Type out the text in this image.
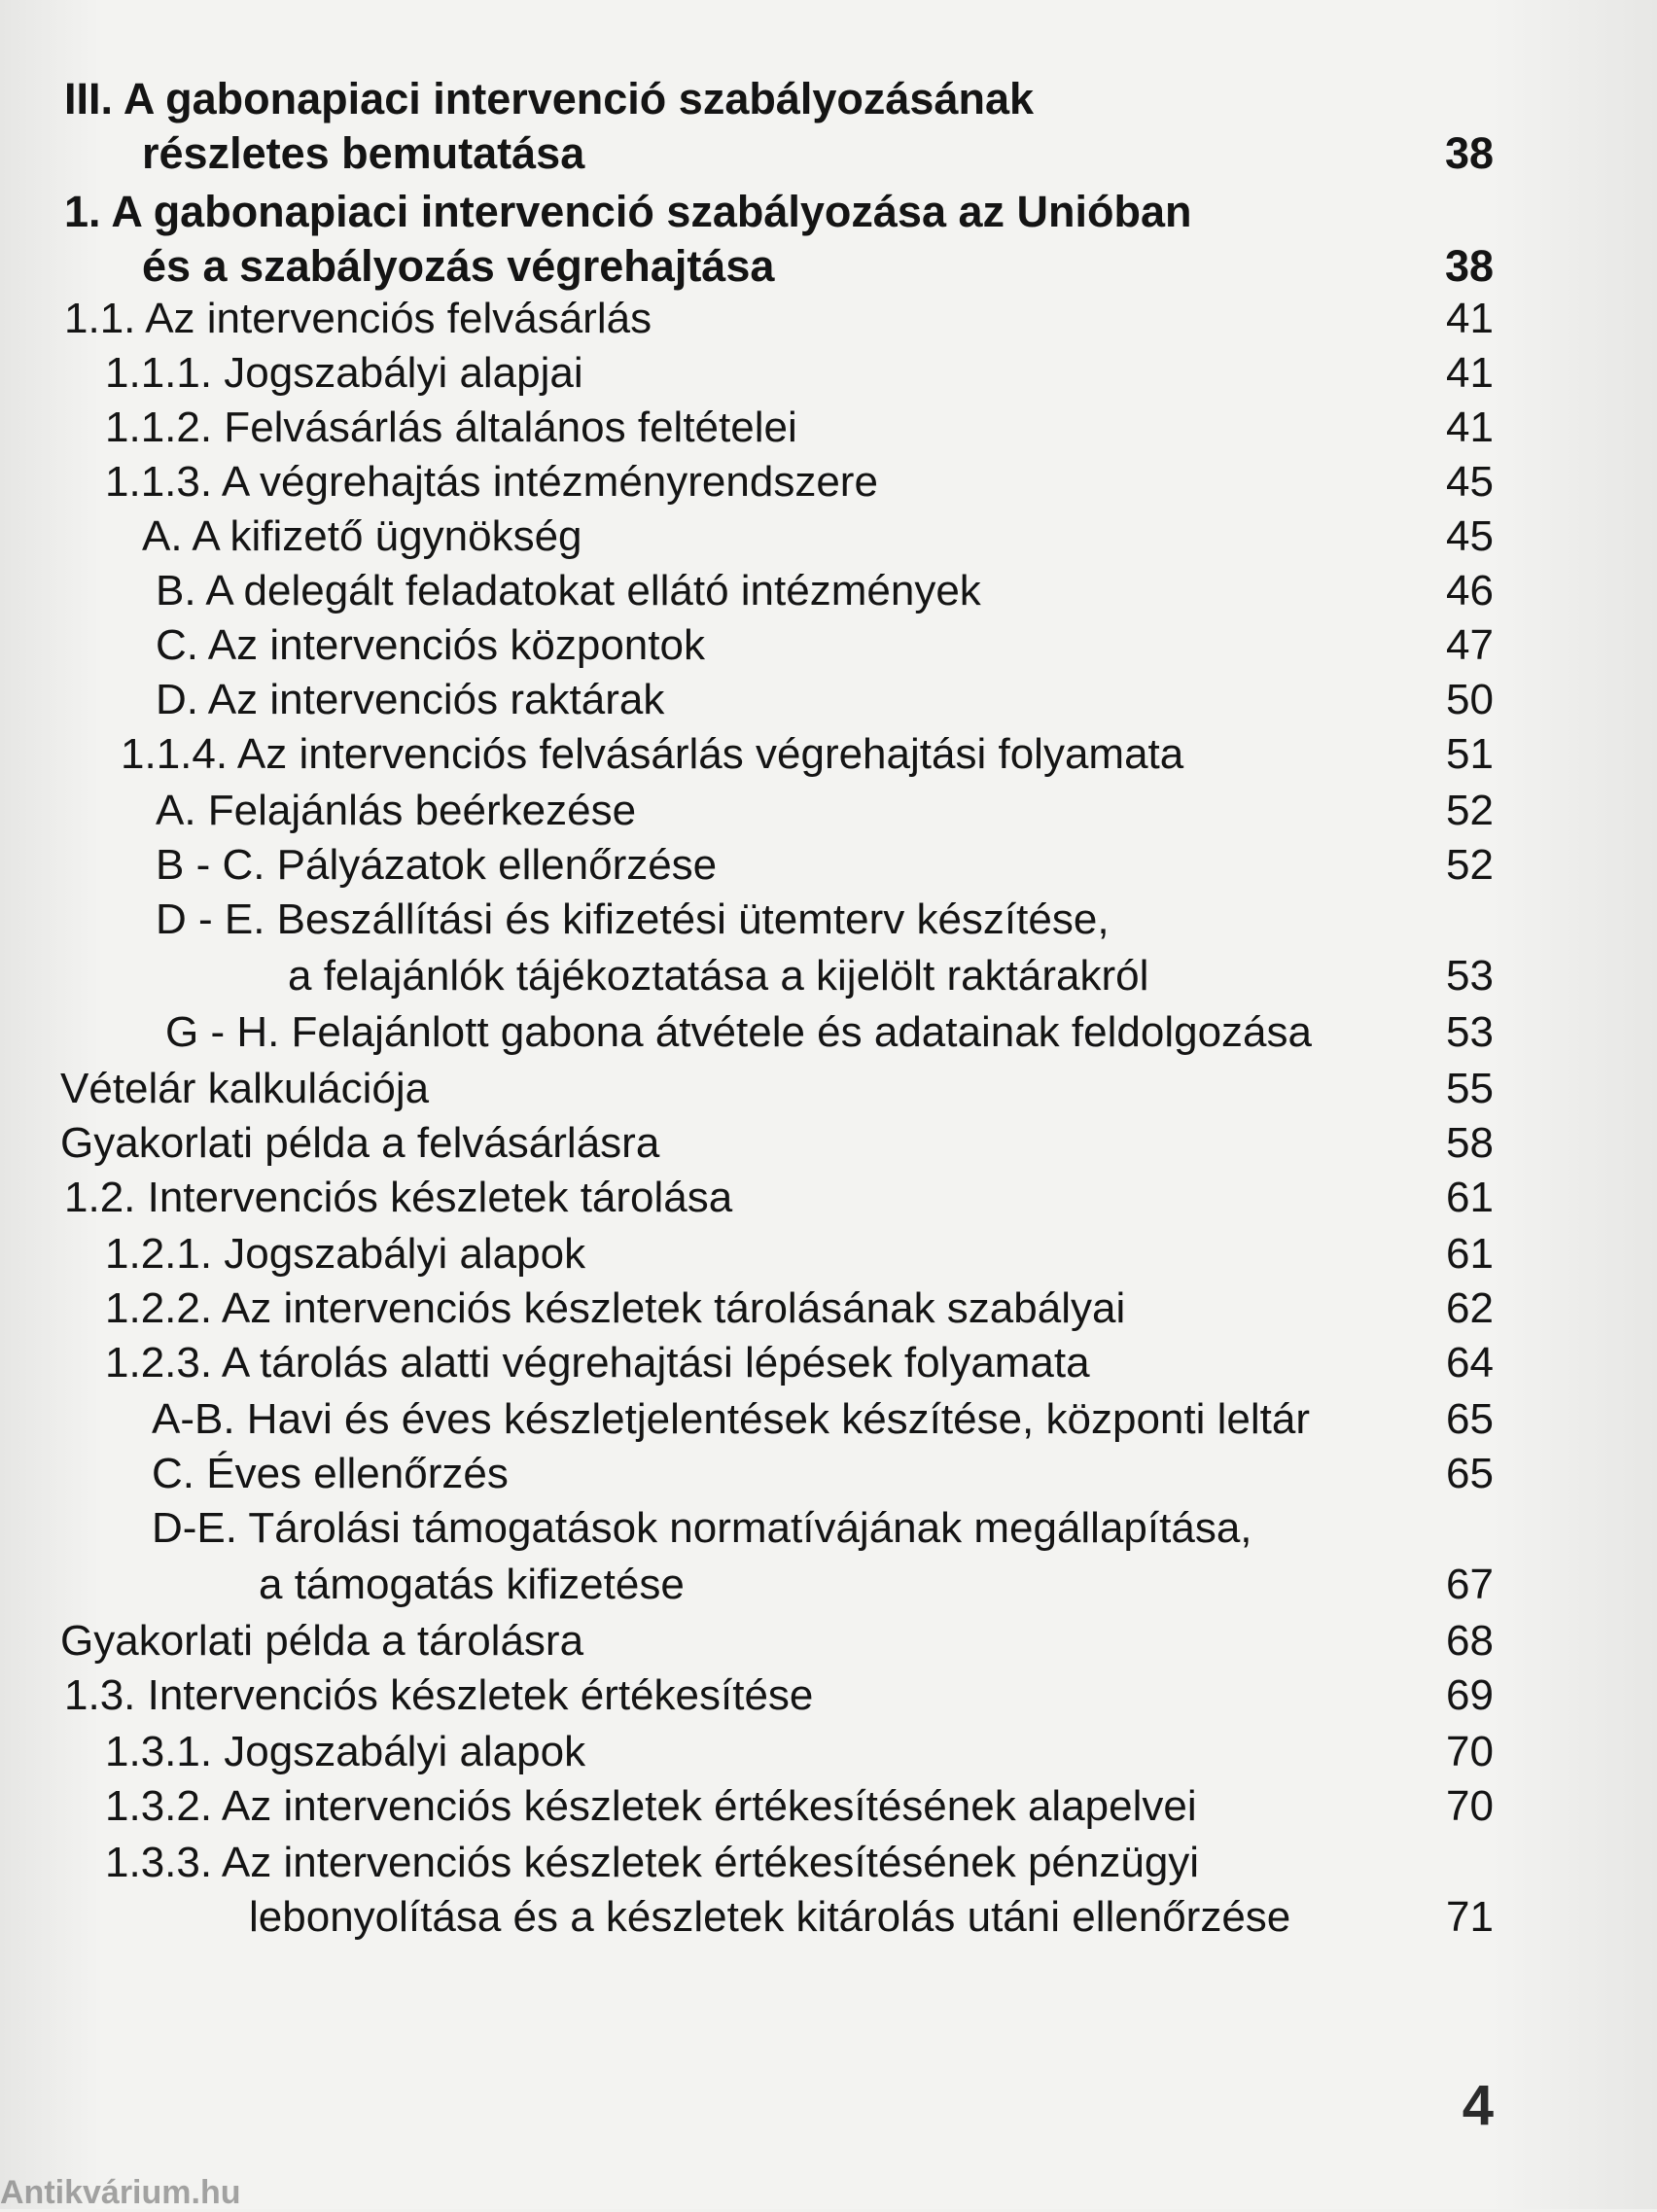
III. A gabonapiaci intervenció szabályozásának
részletes bemutatása	38
1. A gabonapiaci intervenció szabályozása az Unióban
és a szabályozás végrehajtása	38
1.1. Az intervenciós felvásárlás	41
1.1.1. Jogszabályi alapjai	41
1.1.2. Felvásárlás általános feltételei	41
1.1.3. A végrehajtás intézményrendszere	45
A. A kifizető ügynökség	45
B. A delegált feladatokat ellátó intézmények	46
C. Az intervenciós központok	47
D. Az intervenciós raktárak	50
1.1.4. Az intervenciós felvásárlás végrehajtási folyamata	51
A. Felajánlás beérkezése	52
B - C. Pályázatok ellenőrzése	52
D - E. Beszállítási és kifizetési ütemterv készítése,
a felajánlók tájékoztatása a kijelölt raktárakról	53
G - H. Felajánlott gabona átvétele és adatainak feldolgozása	53
Vételár kalkulációja	55
Gyakorlati példa a felvásárlásra	58
1.2. Intervenciós készletek tárolása	61
1.2.1. Jogszabályi alapok	61
1.2.2. Az intervenciós készletek tárolásának szabályai	62
1.2.3. A tárolás alatti végrehajtási lépések folyamata	64
A-B. Havi és éves készletjelentések készítése, központi leltár	65
C. Éves ellenőrzés	65
D-E. Tárolási támogatások normatívájának megállapítása,
a támogatás kifizetése	67
Gyakorlati példa a tárolásra	68
1.3. Intervenciós készletek értékesítése	69
1.3.1. Jogszabályi alapok	70
1.3.2. Az intervenciós készletek értékesítésének alapelvei	70
1.3.3. Az intervenciós készletek értékesítésének pénzügyi
lebonyolítása és a készletek kitárolás utáni ellenőrzése	71
4
Antikvárium.hu
